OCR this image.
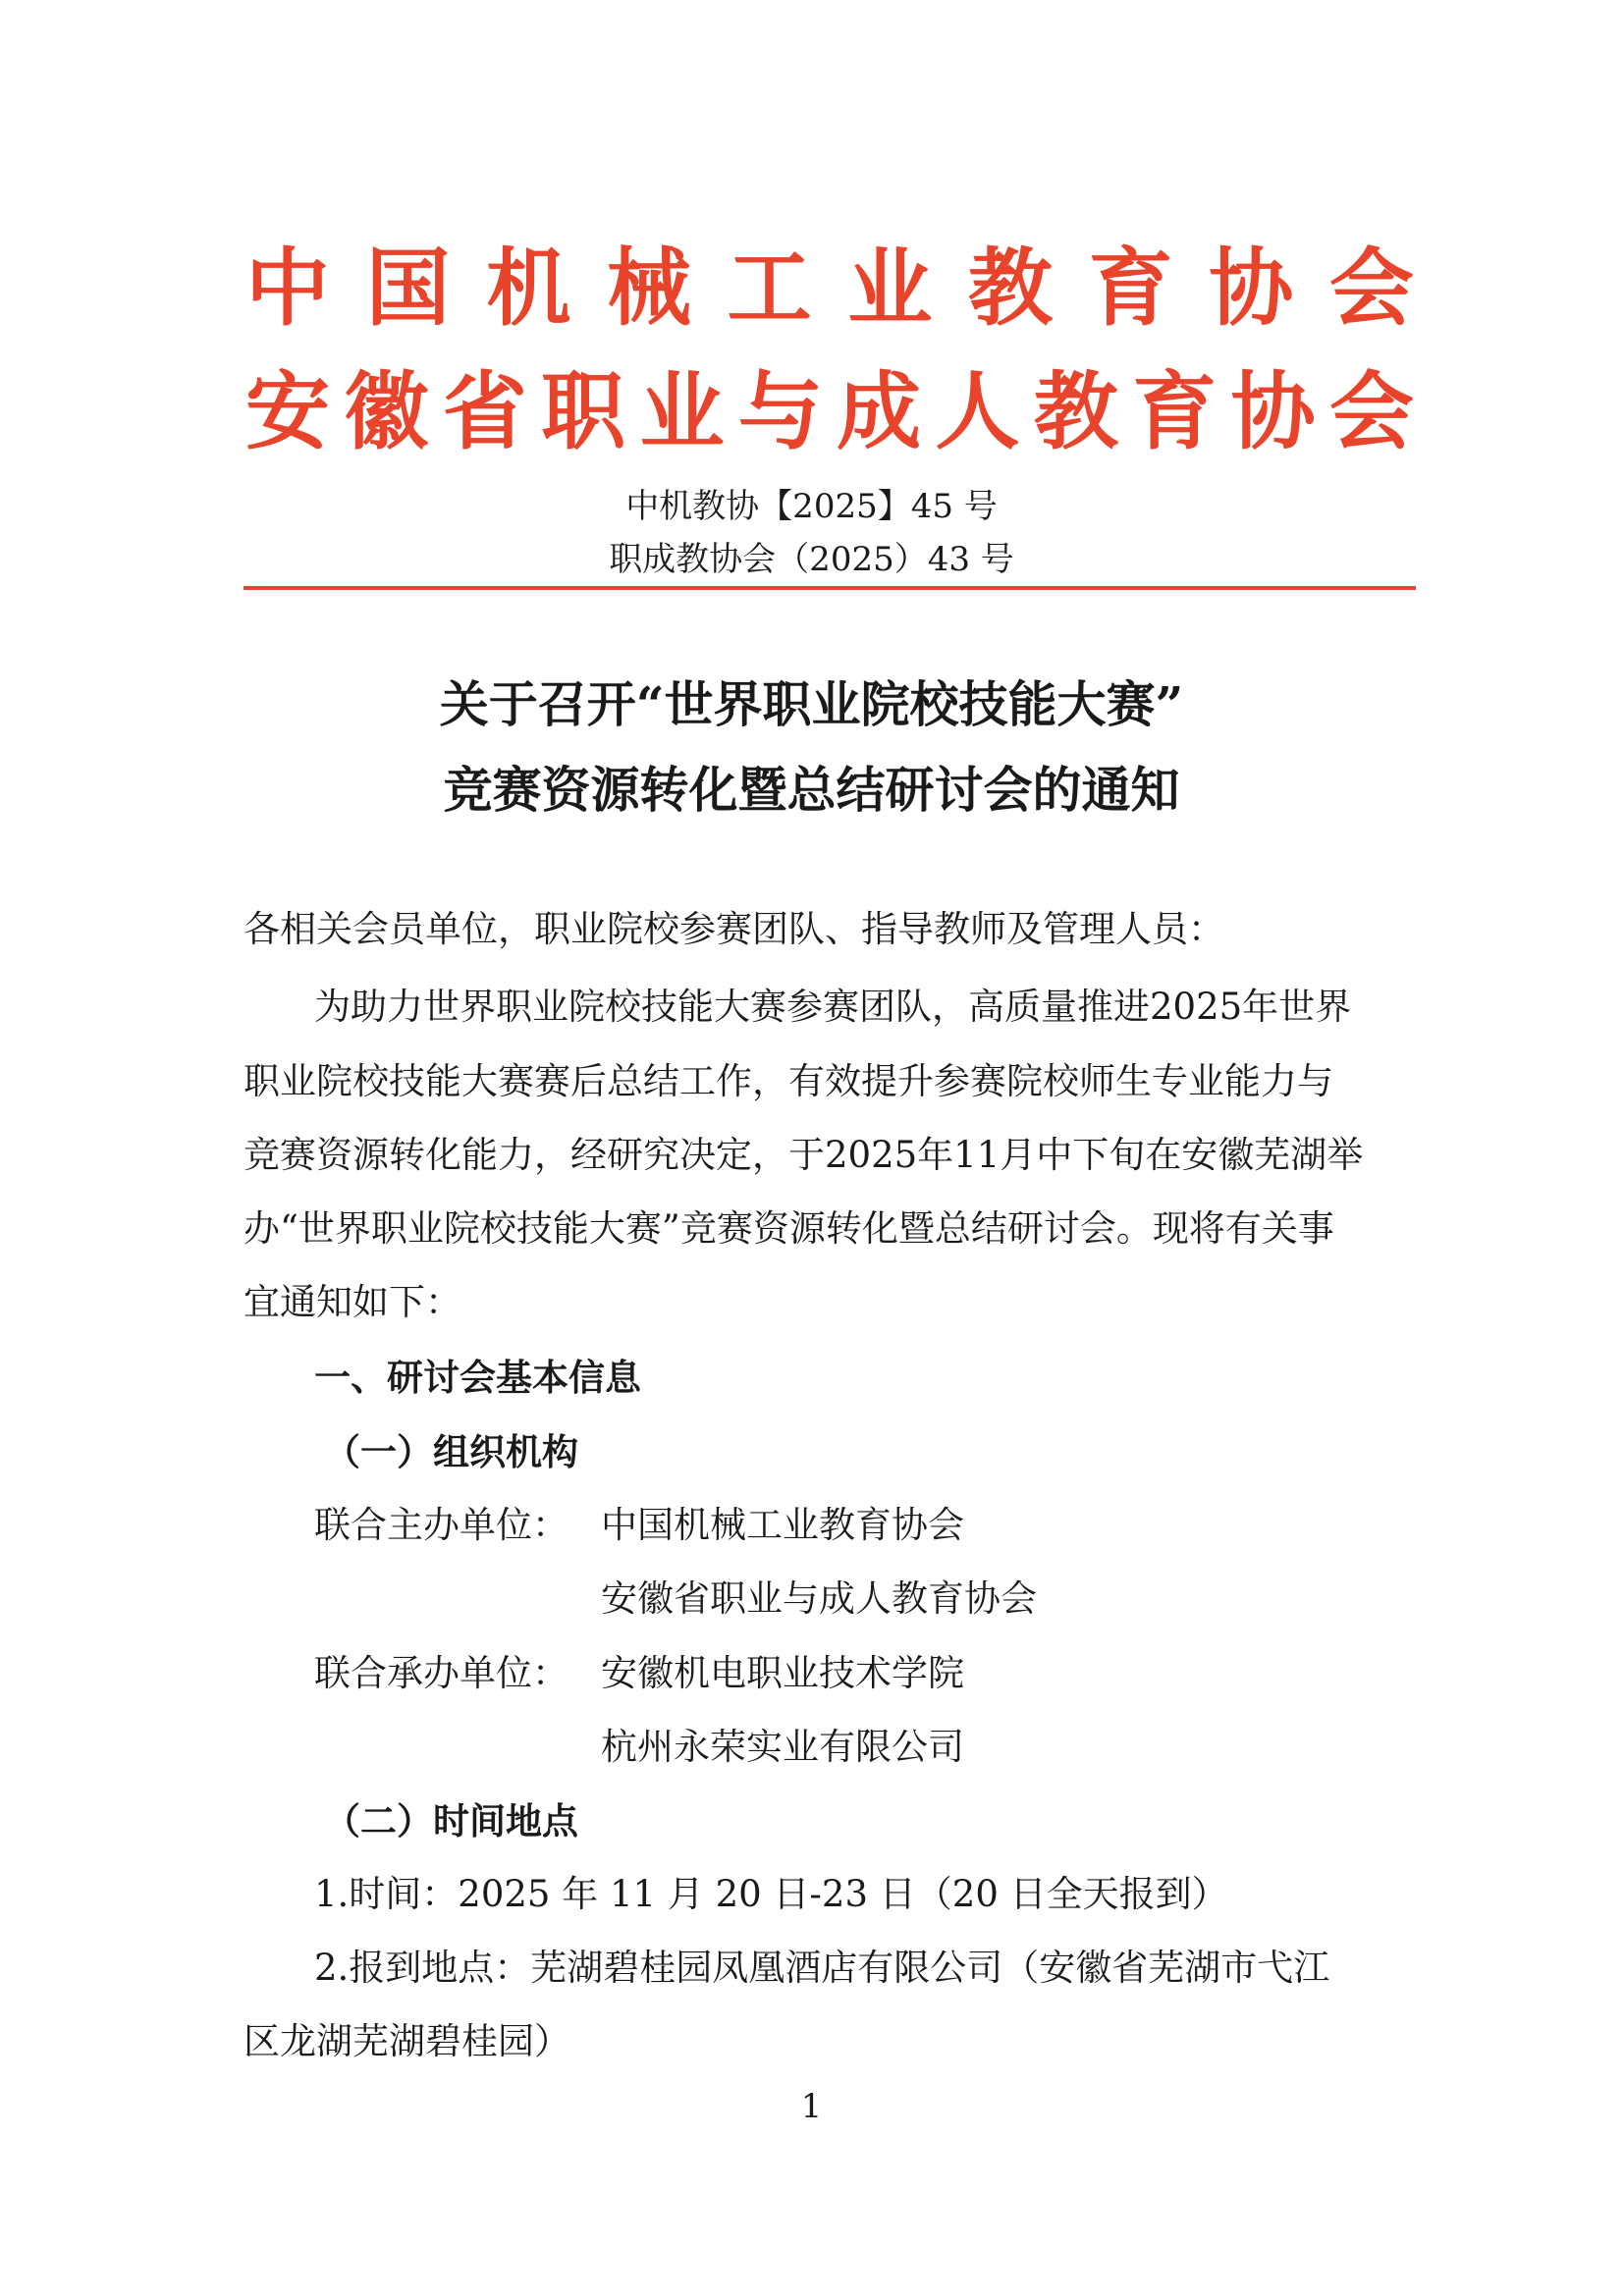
中 国 机 械 工 业 教 育 协 会
安 徽 省 职 业 与 成 人 教 育 协 会
中机教协【2025】45 号
职成教协会（2025）43 号
关于召开“世界职业院校技能大赛”
竞赛资源转化暨总结研讨会的通知
各相关会员单位，职业院校参赛团队、指导教师及管理人员：
为助力世界职业院校技能大赛参赛团队，高质量推进2025年世界
职业院校技能大赛赛后总结工作，有效提升参赛院校师生专业能力与
竞赛资源转化能力，经研究决定，于2025年11月中下旬在安徽芜湖举
办“世界职业院校技能大赛”竞赛资源转化暨总结研讨会。现将有关事
宜通知如下：
一、研讨会基本信息
（一）组织机构
联合主办单位： 中国机械工业教育协会
安徽省职业与成人教育协会
联合承办单位： 安徽机电职业技术学院
杭州永荣实业有限公司
（二）时间地点
1.时间：2025 年 11 月 20 日-23 日（20 日全天报到）
2.报到地点：芜湖碧桂园凤凰酒店有限公司（安徽省芜湖市弋江
区龙湖芜湖碧桂园）
1
